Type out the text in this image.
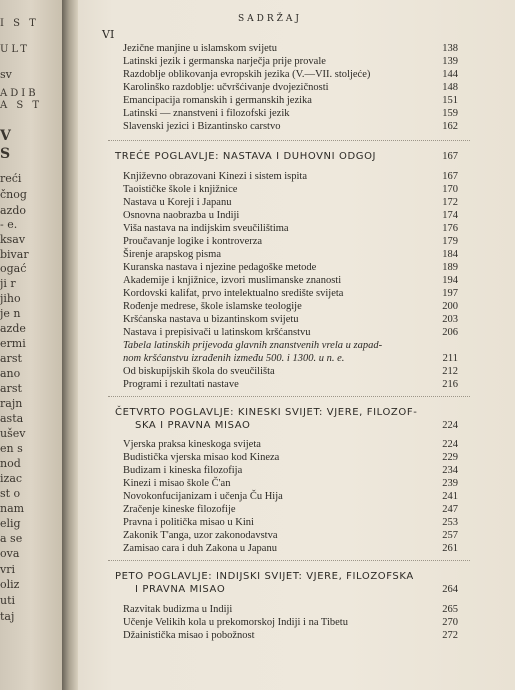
I S T
ULT
sv
ADIB
A S T
V
S
reći
čnog
azdo
- e.
ksav
bivar
ogać
ji r
jiho
je n
azde
ermi
arst
ano
arst
rajn
asta
ušev
en s
nod
izac
st o
nam
elig
a se
ova
vri
oliz
uti
taj
SADRŽAJ
VI
Jezične manjine u islamskom svijetu	138
Latinski jezik i germanska narječja prije provale	139
Razdoblje oblikovanja evropskih jezika (V.—VII. stoljeće)	144
Karolinško razdoblje: učvršćivanje dvojezičnosti	148
Emancipacija romanskih i germanskih jezika	151
Latinski — znanstveni i filozofski jezik	159
Slavenski jezici i Bizantinsko carstvo	162
TREĆE POGLAVLJE: NASTAVA I DUHOVNI ODGOJ	167
Književno obrazovani Kinezi i sistem ispita	167
Taoističke škole i knjižnice	170
Nastava u Koreji i Japanu	172
Osnovna naobrazba u Indiji	174
Viša nastava na indijskim sveučilištima	176
Proučavanje logike i kontroverza	179
Širenje arapskog pisma	184
Kuranska nastava i njezine pedagoške metode	189
Akademije i knjižnice, izvori muslimanske znanosti	194
Kordovski kalifat, prvo intelektualno središte svijeta	197
Rođenje medrese, škole islamske teologije	200
Kršćanska nastava u bizantinskom svijetu	203
Nastava i prepisivači u latinskom kršćanstvu	206
Tabela latinskih prijevoda glavnih znanstvenih vrela u zapad-
nom kršćanstvu izrađenih između 500. i 1300. u n. e.	211
Od biskupijskih škola do sveučilišta	212
Programi i rezultati nastave	216
ČETVRTO POGLAVLJE: KINESKI SVIJET: VJERE, FILOZOF-
SKA I PRAVNA MISAO	224
Vjerska praksa kineskoga svijeta	224
Budistička vjerska misao kod Kineza	229
Budizam i kineska filozofija	234
Kinezi i misao škole Č'an	239
Novokonfucijanizam i učenja Ču Hija	241
Zračenje kineske filozofije	247
Pravna i politička misao u Kini	253
Zakonik T'anga, uzor zakonodavstva	257
Zamisao cara i duh Zakona u Japanu	261
PETO POGLAVLJE: INDIJSKI SVIJET: VJERE, FILOZOFSKA
I PRAVNA MISAO	264
Razvitak budizma u Indiji	265
Učenje Velikih kola u prekomorskoj Indiji i na Tibetu	270
Džainistička misao i pobožnost	272
